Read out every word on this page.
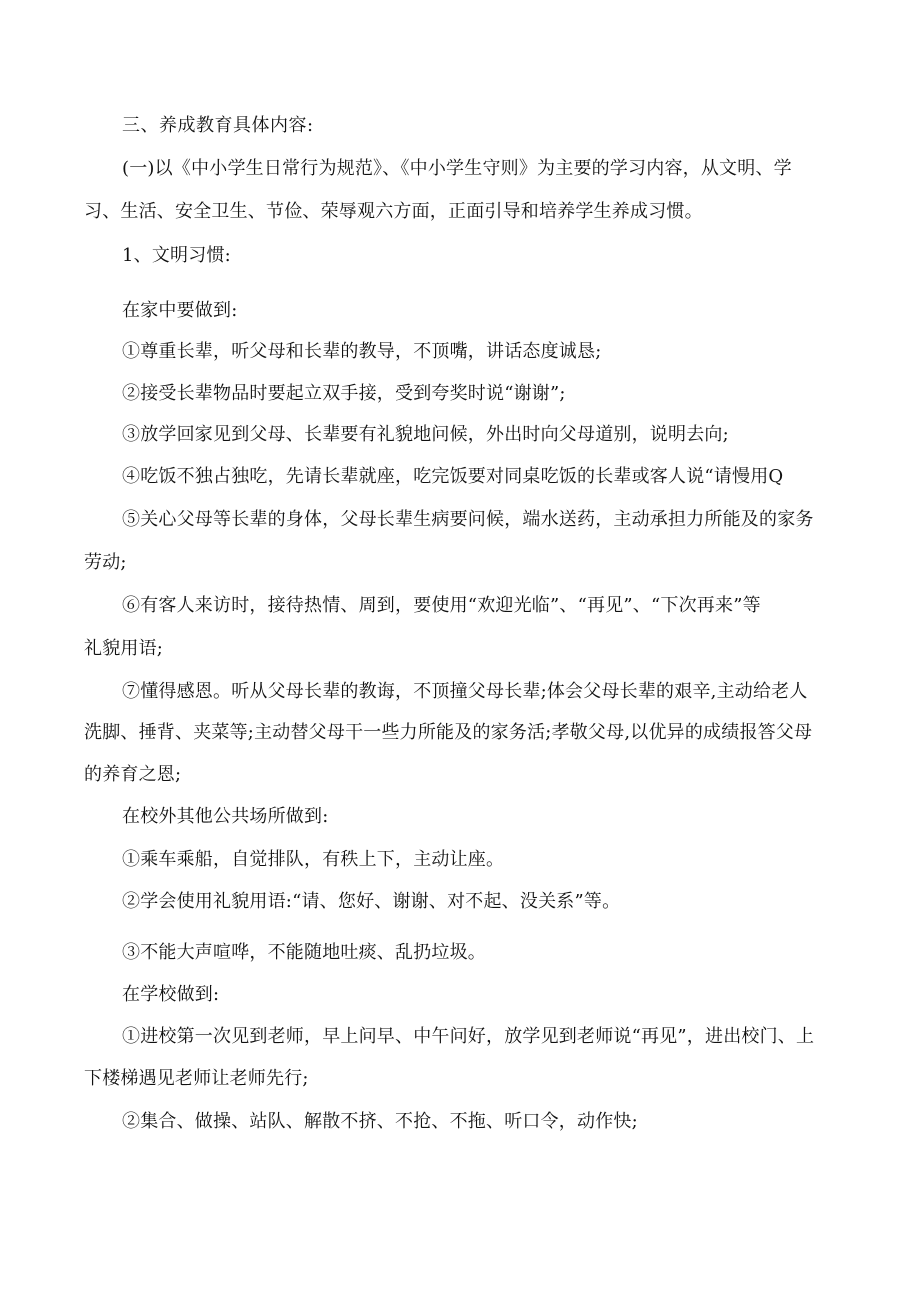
三、养成教育具体内容:
(一)以《中小学生日常行为规范》、《中小学生守则》为主要的学习内容，从文明、学
习、生活、安全卫生、节俭、荣辱观六方面，正面引导和培养学生养成习惯。
1、文明习惯:
在家中要做到:
①尊重长辈，听父母和长辈的教导，不顶嘴，讲话态度诚恳;
②接受长辈物品时要起立双手接，受到夸奖时说“谢谢”;
③放学回家见到父母、长辈要有礼貌地问候，外出时向父母道别，说明去向;
④吃饭不独占独吃，先请长辈就座，吃完饭要对同桌吃饭的长辈或客人说“请慢用Q
⑤关心父母等长辈的身体，父母长辈生病要问候，端水送药，主动承担力所能及的家务
劳动;
⑥有客人来访时，接待热情、周到，要使用“欢迎光临”、“再见”、“下次再来”等
礼貌用语;
⑦懂得感恩。听从父母长辈的教诲，不顶撞父母长辈;体会父母长辈的艰辛,主动给老人
洗脚、捶背、夹菜等;主动替父母干一些力所能及的家务活;孝敬父母,以优异的成绩报答父母
的养育之恩;
在校外其他公共场所做到:
①乘车乘船，自觉排队，有秩上下，主动让座。
②学会使用礼貌用语:“请、您好、谢谢、对不起、没关系”等。
③不能大声喧哗，不能随地吐痰、乱扔垃圾。
在学校做到:
①进校第一次见到老师，早上问早、中午问好，放学见到老师说“再见”，进出校门、上
下楼梯遇见老师让老师先行;
②集合、做操、站队、解散不挤、不抢、不拖、听口令，动作快;
